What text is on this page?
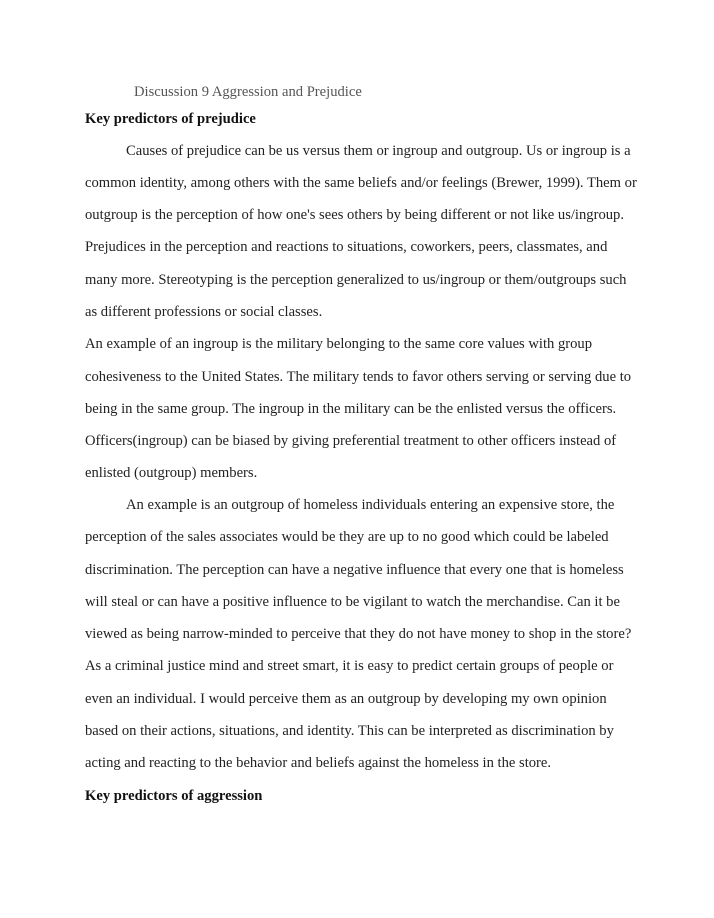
Discussion 9 Aggression and Prejudice
Key predictors of prejudice
Causes of prejudice can be us versus them or ingroup and outgroup. Us or ingroup is a
common identity, among others with the same beliefs and/or feelings (Brewer, 1999). Them or
outgroup is the perception of how one's sees others by being different or not like us/ingroup.
Prejudices in the perception and reactions to situations, coworkers, peers, classmates, and
many more. Stereotyping is the perception generalized to us/ingroup or them/outgroups such
as different professions or social classes.
An example of an ingroup is the military belonging to the same core values with group
cohesiveness to the United States. The military tends to favor others serving or serving due to
being in the same group. The ingroup in the military can be the enlisted versus the officers.
Officers(ingroup) can be biased by giving preferential treatment to other officers instead of
enlisted (outgroup) members.
An example is an outgroup of homeless individuals entering an expensive store, the
perception of the sales associates would be they are up to no good which could be labeled
discrimination. The perception can have a negative influence that every one that is homeless
will steal or can have a positive influence to be vigilant to watch the merchandise. Can it be
viewed as being narrow-minded to perceive that they do not have money to shop in the store?
As a criminal justice mind and street smart, it is easy to predict certain groups of people or
even an individual. I would perceive them as an outgroup by developing my own opinion
based on their actions, situations, and identity. This can be interpreted as discrimination by
acting and reacting to the behavior and beliefs against the homeless in the store.
Key predictors of aggression
